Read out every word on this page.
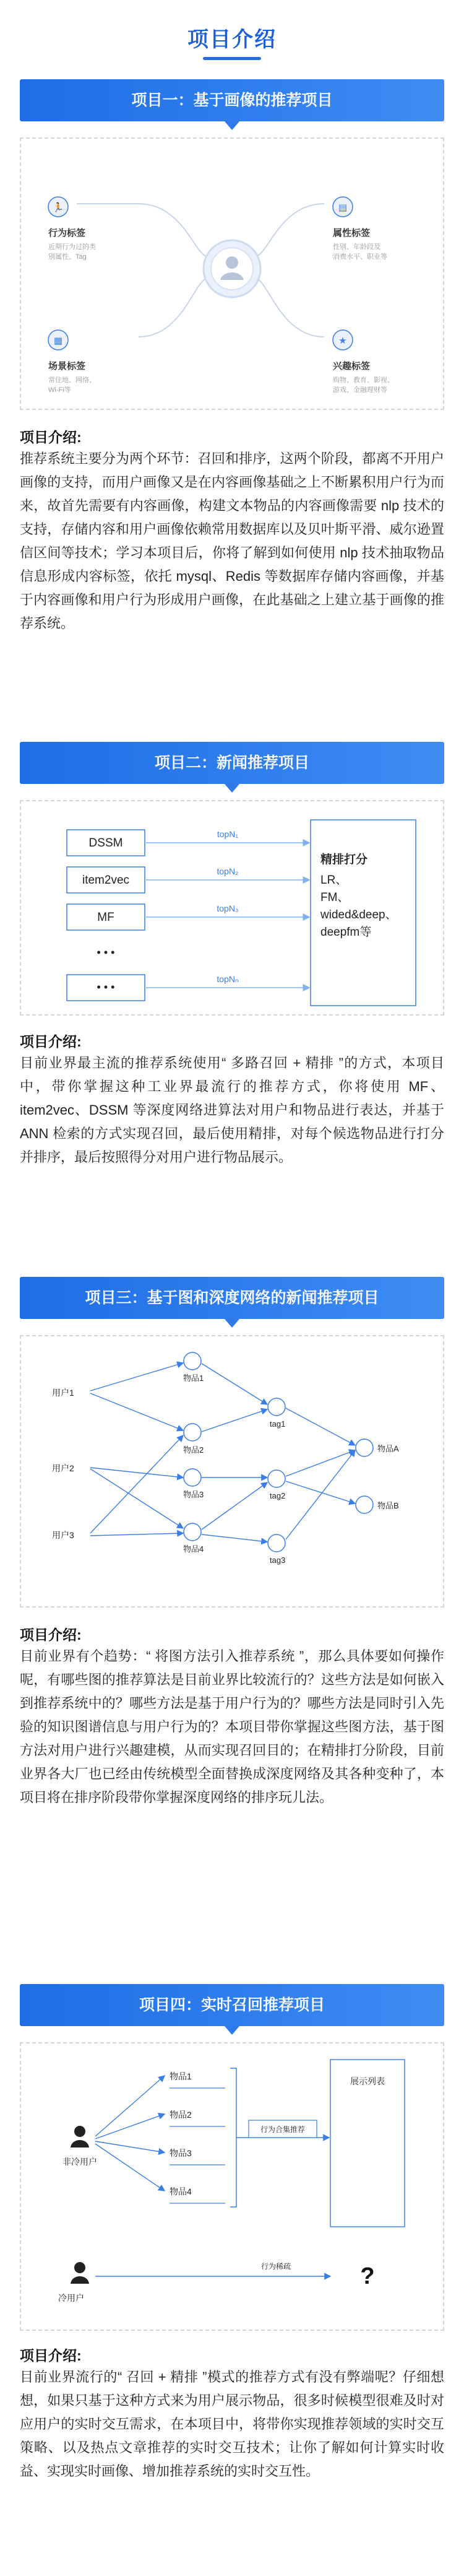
项目介绍
项目一：基于画像的推荐项目
🏃
行为标签
近期行为过的类
别属性、Tag
▤
属性标签
性别、年龄段及
消费水平、职业等
▦
场景标签
常住地、网络、
Wi-Fi等
★
兴趣标签
购物、教育、影视、
游戏、金融理财等
项目介绍:
推荐系统主要分为两个环节：召回和排序，这两个阶段，都离不开用户画像的支持，而用户画像又是在内容画像基础之上不断累积用户行为而来，故首先需要有内容画像，构建文本物品的内容画像需要 nlp 技术的支持，存储内容和用户画像依赖常用数据库以及贝叶斯平滑、威尔逊置信区间等技术；学习本项目后，你将了解到如何使用 nlp 技术抽取物品信息形成内容标签，依托 mysql、Redis 等数据库存储内容画像，并基于内容画像和用户行为形成用户画像，在此基础之上建立基于画像的推荐系统。
项目二：新闻推荐项目
DSSM
item2vec
MF
• • •
• • •
topN₁
topN₂
topN₃
topNₙ
精排打分
LR、
FM、
wided&deep、
deepfm等
项目介绍:
目前业界最主流的推荐系统使用“ 多路召回 + 精排 ”的方式，本项目中，带你掌握这种工业界最流行的推荐方式，你将使用 MF、item2vec、DSSM 等深度网络进算法对用户和物品进行表达，并基于 ANN 检索的方式实现召回，最后使用精排，对每个候选物品进行打分并排序，最后按照得分对用户进行物品展示。
项目三：基于图和深度网络的新闻推荐项目
用户1
用户2
用户3
物品1
物品2
物品3
物品4
tag1
tag2
tag3
物品A
物品B
项目介绍:
目前业界有个趋势：“ 将图方法引入推荐系统 ”，那么具体要如何操作呢，有哪些图的推荐算法是目前业界比较流行的？这些方法是如何嵌入到推荐系统中的？哪些方法是基于用户行为的？哪些方法是同时引入先验的知识图谱信息与用户行为的？本项目带你掌握这些图方法，基于图方法对用户进行兴趣建模，从而实现召回目的；在精排打分阶段，目前业界各大厂也已经由传统模型全面替换成深度网络及其各种变种了，本项目将在排序阶段带你掌握深度网络的排序玩儿法。
项目四：实时召回推荐项目
非冷用户
物品1
物品2
物品3
物品4
行为合集推荐
展示列表
冷用户
行为稀疏	?
项目介绍:
目前业界流行的“ 召回 + 精排 ”模式的推荐方式有没有弊端呢？仔细想想，如果只基于这种方式来为用户展示物品，很多时候模型很难及时对应用户的实时交互需求，在本项目中，将带你实现推荐领域的实时交互策略、以及热点文章推荐的实时交互技术；让你了解如何计算实时收益、实现实时画像、增加推荐系统的实时交互性。
